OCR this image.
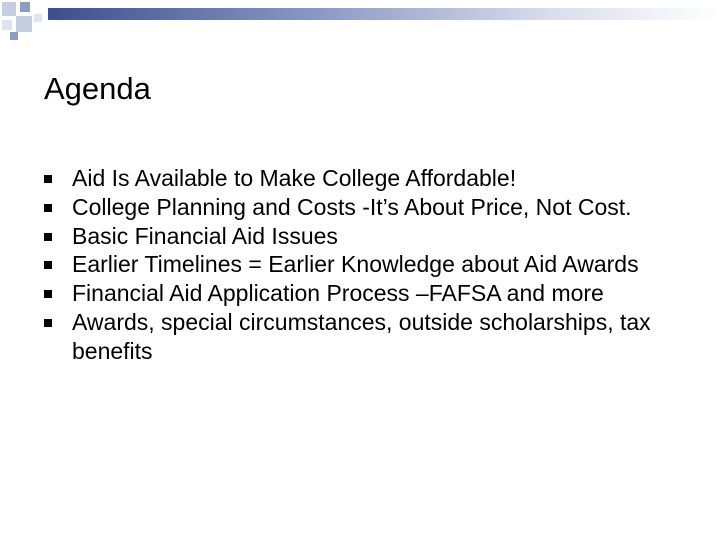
Agenda
Aid Is Available to Make College Affordable!
College Planning and Costs -It’s About Price, Not Cost.
Basic Financial Aid Issues
Earlier Timelines = Earlier Knowledge about Aid Awards
Financial Aid Application Process –FAFSA and more
Awards, special circumstances, outside scholarships, tax benefits
